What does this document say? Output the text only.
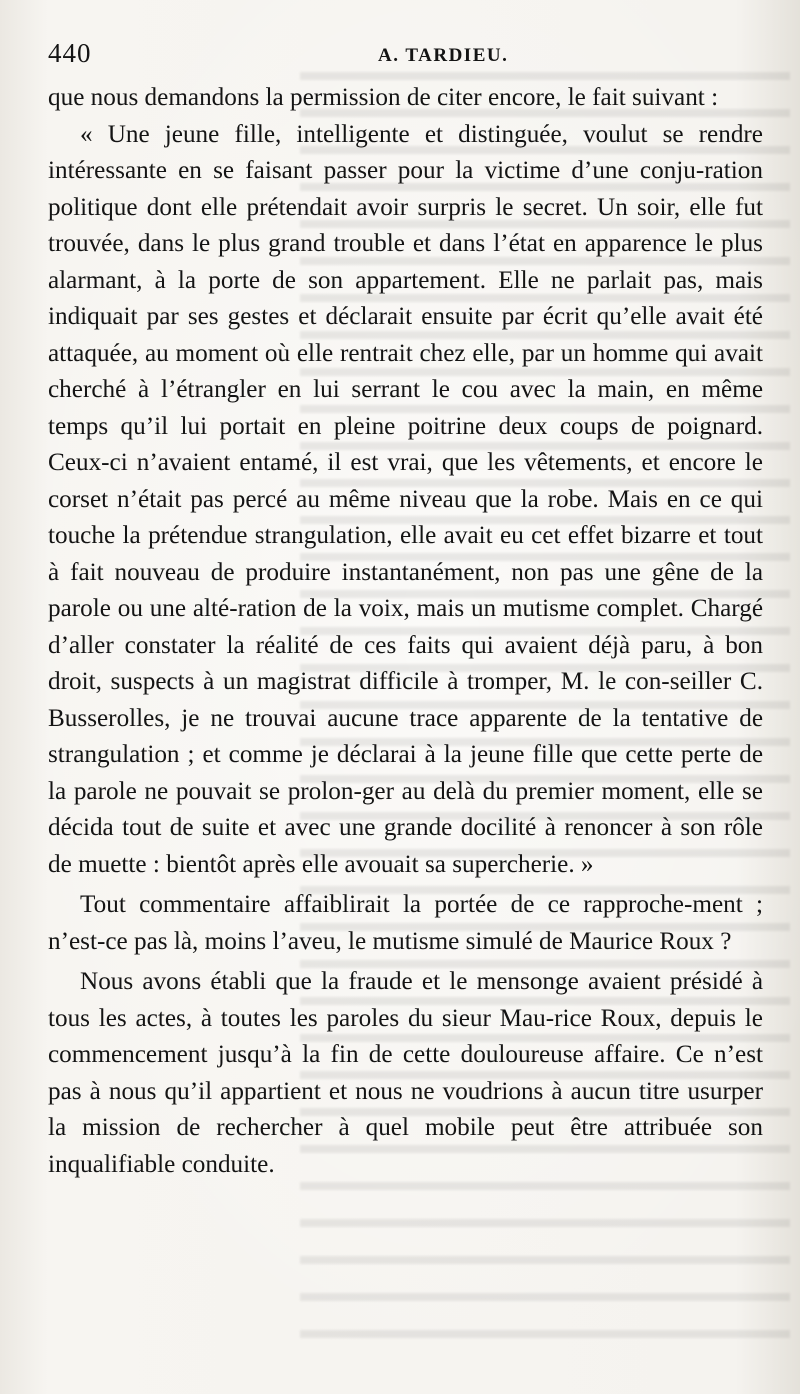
440	A. TARDIEU.

que nous demandons la permission de citer encore, le fait suivant :

« Une jeune fille, intelligente et distinguée, voulut se rendre intéressante en se faisant passer pour la victime d’une conju-ration politique dont elle prétendait avoir surpris le secret. Un soir, elle fut trouvée, dans le plus grand trouble et dans l’état en apparence le plus alarmant, à la porte de son appartement. Elle ne parlait pas, mais indiquait par ses gestes et déclarait ensuite par écrit qu’elle avait été attaquée, au moment où elle rentrait chez elle, par un homme qui avait cherché à l’étrangler en lui serrant le cou avec la main, en même temps qu’il lui portait en pleine poitrine deux coups de poignard. Ceux-ci n’avaient entamé, il est vrai, que les vêtements, et encore le corset n’était pas percé au même niveau que la robe. Mais en ce qui touche la prétendue strangulation, elle avait eu cet effet bizarre et tout à fait nouveau de produire instantanément, non pas une gêne de la parole ou une alté-ration de la voix, mais un mutisme complet. Chargé d’aller constater la réalité de ces faits qui avaient déjà paru, à bon droit, suspects à un magistrat difficile à tromper, M. le con-seiller C. Busserolles, je ne trouvai aucune trace apparente de la tentative de strangulation ; et comme je déclarai à la jeune fille que cette perte de la parole ne pouvait se prolon-ger au delà du premier moment, elle se décida tout de suite et avec une grande docilité à renoncer à son rôle de muette : bientôt après elle avouait sa supercherie. »

Tout commentaire affaiblirait la portée de ce rapproche-ment ; n’est-ce pas là, moins l’aveu, le mutisme simulé de Maurice Roux ?

Nous avons établi que la fraude et le mensonge avaient présidé à tous les actes, à toutes les paroles du sieur Mau-rice Roux, depuis le commencement jusqu’à la fin de cette douloureuse affaire. Ce n’est pas à nous qu’il appartient et nous ne voudrions à aucun titre usurper la mission de rechercher à quel mobile peut être attribuée son inqualifiable conduite.
